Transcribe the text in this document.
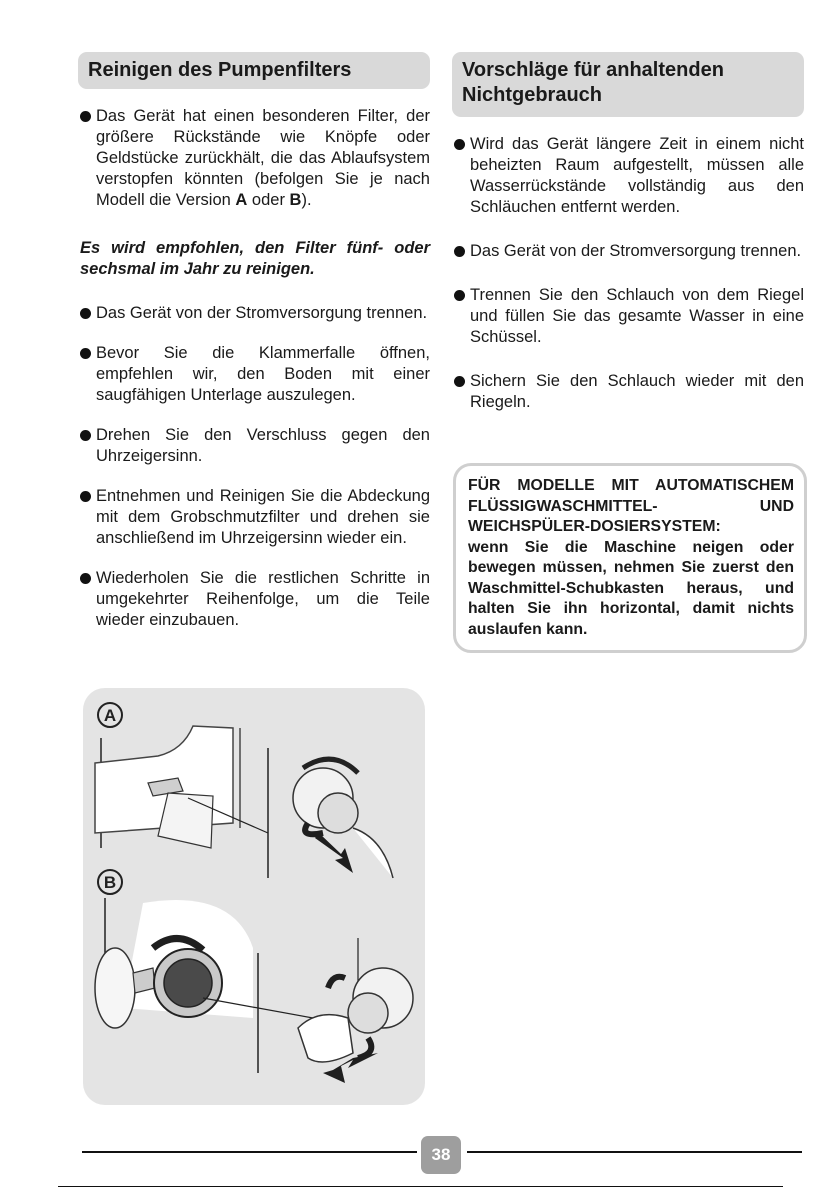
Reinigen des Pumpenfilters

Das Gerät hat einen besonderen Filter, der größere Rückstände wie Knöpfe oder Geldstücke zurückhält, die das Ablaufsystem verstopfen könnten (befolgen Sie je nach Modell die Version A oder B).

Es wird empfohlen, den Filter fünf- oder sechsmal im Jahr zu reinigen.

Das Gerät von der Stromversorgung trennen.

Bevor Sie die Klammerfalle öffnen, empfehlen wir, den Boden mit einer saugfähigen Unterlage auszulegen.

Drehen Sie den Verschluss gegen den Uhrzeigersinn.

Entnehmen und Reinigen Sie die Abdeckung mit dem Grobschmutzfilter und drehen sie anschließend im Uhrzeigersinn wieder ein.

Wiederholen Sie die restlichen Schritte in umgekehrter Reihenfolge, um die Teile wieder einzubauen.

Vorschläge für anhaltenden Nichtgebrauch

Wird das Gerät längere Zeit in einem nicht beheizten Raum aufgestellt, müssen alle Wasserrückstände vollständig aus den Schläuchen entfernt werden.

Das Gerät von der Stromversorgung trennen.

Trennen Sie den Schlauch von dem Riegel und füllen Sie das gesamte Wasser in eine Schüssel.

Sichern Sie den Schlauch wieder mit den Riegeln.

FÜR MODELLE MIT AUTOMATISCHEM FLÜSSIGWASCHMITTEL- UND WEICHSPÜLER-DOSIERSYSTEM:
wenn Sie die Maschine neigen oder bewegen müssen, nehmen Sie zuerst den Waschmittel-Schubkasten heraus, und halten Sie ihn horizontal, damit nichts auslaufen kann.
A
B
38
